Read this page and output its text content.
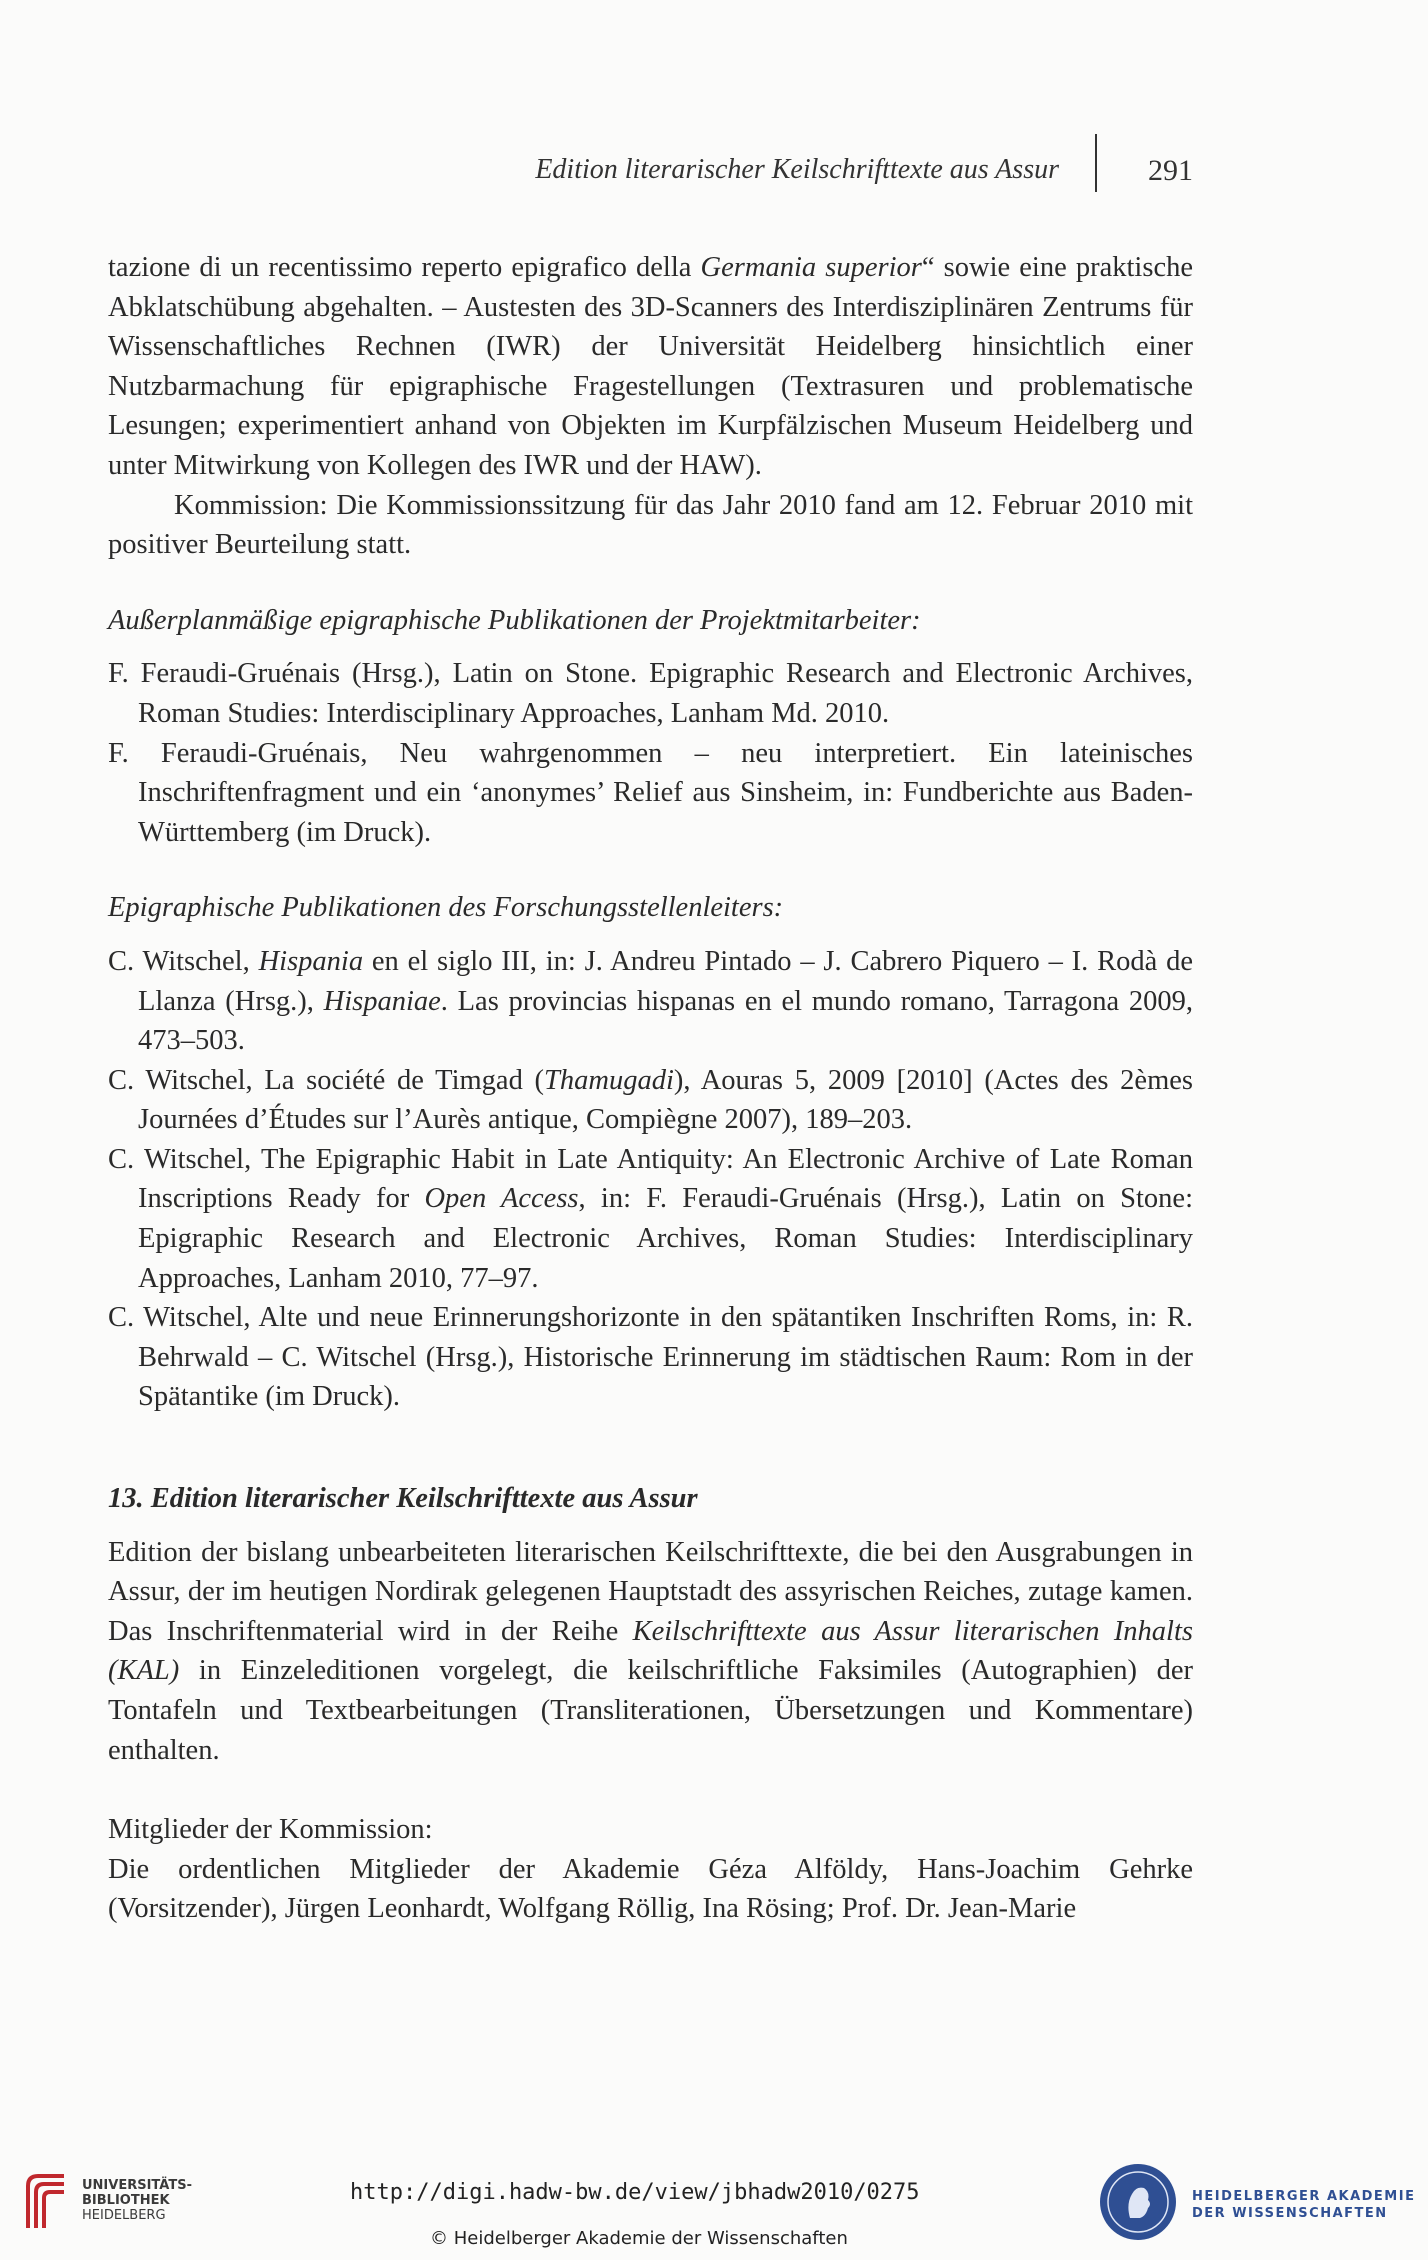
Edition literarischer Keilschrifttexte aus Assur	291

tazione di un recentissimo reperto epigrafico della Germania superior“ sowie eine praktische Abklatschübung abgehalten. – Austesten des 3D-Scanners des Interdisziplinären Zentrums für Wissenschaftliches Rechnen (IWR) der Universität Heidelberg hinsichtlich einer Nutzbarmachung für epigraphische Fragestellungen (Textrasuren und problematische Lesungen; experimentiert anhand von Objekten im Kurpfälzischen Museum Heidelberg und unter Mitwirkung von Kollegen des IWR und der HAW).

Kommission: Die Kommissionssitzung für das Jahr 2010 fand am 12. Februar 2010 mit positiver Beurteilung statt.

Außerplanmäßige epigraphische Publikationen der Projektmitarbeiter:

F. Feraudi-Gruénais (Hrsg.), Latin on Stone. Epigraphic Research and Electronic Archives, Roman Studies: Interdisciplinary Approaches, Lanham Md. 2010.

F. Feraudi-Gruénais, Neu wahrgenommen – neu interpretiert. Ein lateinisches Inschriftenfragment und ein ‘anonymes’ Relief aus Sinsheim, in: Fundberichte aus Baden-Württemberg (im Druck).

Epigraphische Publikationen des Forschungsstellenleiters:

C. Witschel, Hispania en el siglo III, in: J. Andreu Pintado – J. Cabrero Piquero – I. Rodà de Llanza (Hrsg.), Hispaniae. Las provincias hispanas en el mundo romano, Tarragona 2009, 473–503.

C. Witschel, La société de Timgad (Thamugadi), Aouras 5, 2009 [2010] (Actes des 2èmes Journées d’Études sur l’Aurès antique, Compiègne 2007), 189–203.

C. Witschel, The Epigraphic Habit in Late Antiquity: An Electronic Archive of Late Roman Inscriptions Ready for Open Access, in: F. Feraudi-Gruénais (Hrsg.), Latin on Stone: Epigraphic Research and Electronic Archives, Roman Studies: Interdisciplinary Approaches, Lanham 2010, 77–97.

C. Witschel, Alte und neue Erinnerungshorizonte in den spätantiken Inschriften Roms, in: R. Behrwald – C. Witschel (Hrsg.), Historische Erinnerung im städtischen Raum: Rom in der Spätantike (im Druck).

13. Edition literarischer Keilschrifttexte aus Assur

Edition der bislang unbearbeiteten literarischen Keilschrifttexte, die bei den Ausgrabungen in Assur, der im heutigen Nordirak gelegenen Hauptstadt des assyrischen Reiches, zutage kamen. Das Inschriftenmaterial wird in der Reihe Keilschrifttexte aus Assur literarischen Inhalts (KAL) in Einzeleditionen vorgelegt, die keilschriftliche Faksimiles (Autographien) der Tontafeln und Textbearbeitungen (Transliterationen, Übersetzungen und Kommentare) enthalten.

Mitglieder der Kommission:

Die ordentlichen Mitglieder der Akademie Géza Alföldy, Hans-Joachim Gehrke (Vorsitzender), Jürgen Leonhardt, Wolfgang Röllig, Ina Rösing; Prof. Dr. Jean-Marie

UNIVERSITÄTS-
BIBLIOTHEK
HEIDELBERG
http://digi.hadw-bw.de/view/jbhadw2010/0275
© Heidelberger Akademie der Wissenschaften
HEIDELBERGER AKADEMIE
DER WISSENSCHAFTEN
